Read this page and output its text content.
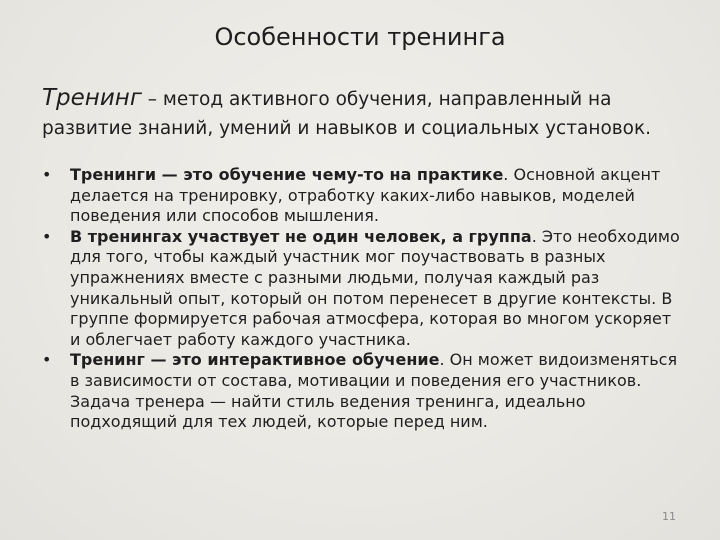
Особенности тренинга
Тренинг – метод активного обучения, направленный на развитие знаний, умений и навыков и социальных установок.
• Тренинги — это обучение чему-то на практике. Основной акцент делается на тренировку, отработку каких-либо навыков, моделей поведения или способов мышления.
• В тренингах участвует не один человек, а группа. Это необходимо для того, чтобы каждый участник мог поучаствовать в разных упражнениях вместе с разными людьми, получая каждый раз уникальный опыт, который он потом перенесет в другие контексты. В группе формируется рабочая атмосфера, которая во многом ускоряет и облегчает работу каждого участника.
• Тренинг — это интерактивное обучение. Он может видоизменяться в зависимости от состава, мотивации и поведения его участников. Задача тренера — найти стиль ведения тренинга, идеально подходящий для тех людей, которые перед ним.
11
